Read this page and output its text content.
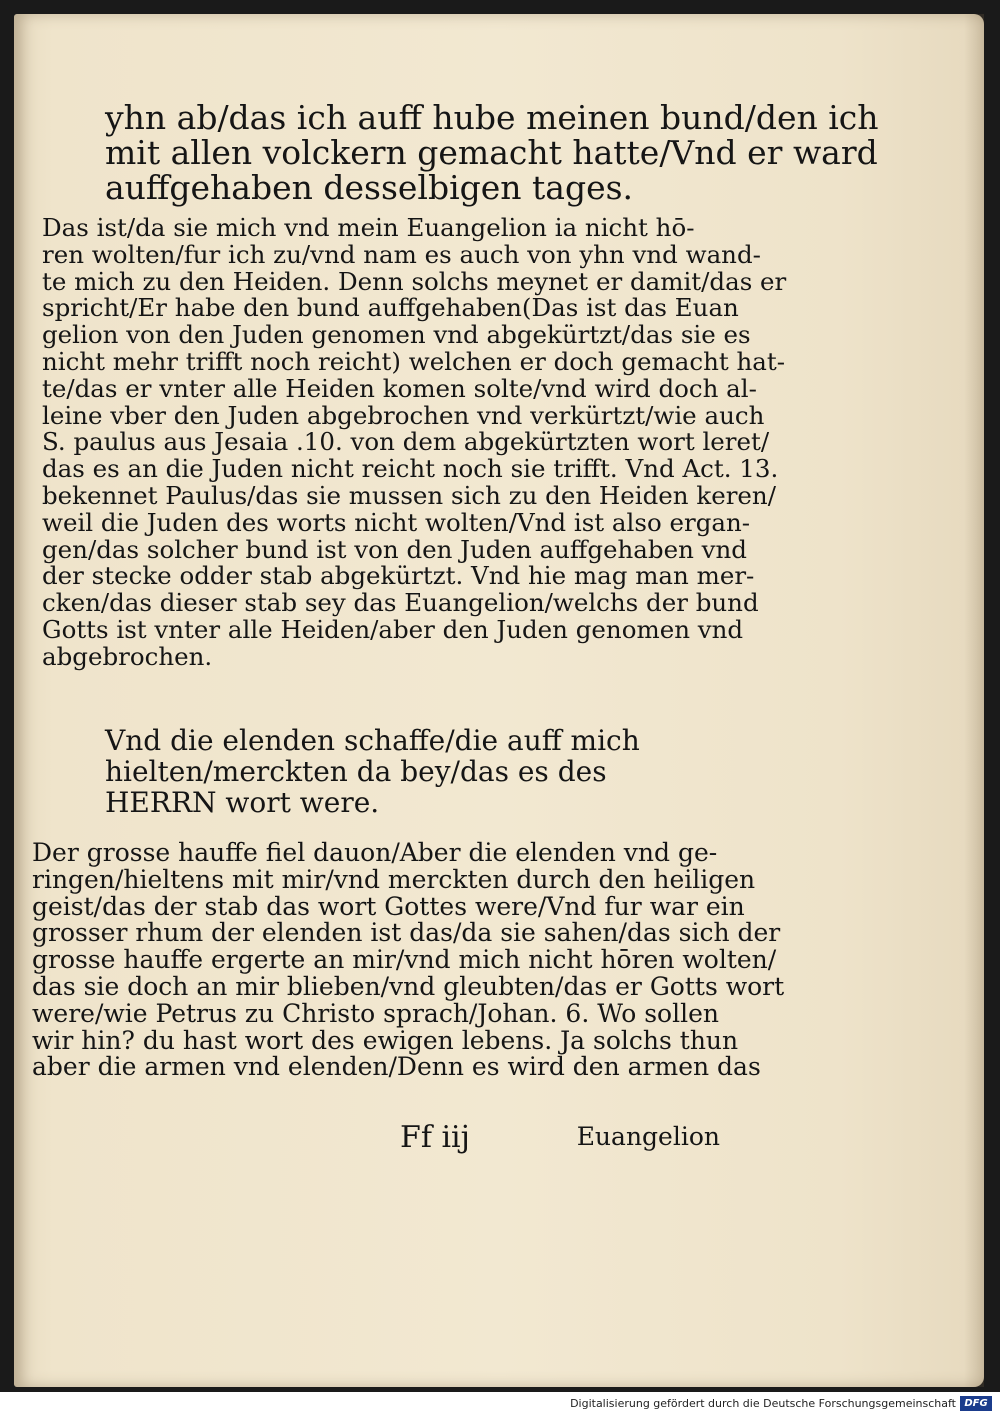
yhn ab/das ich auff hube meinen bund/den ich
mit allen volckern gemacht hatte/Vnd er ward
auffgehaben desselbigen tages.
Das ist/da sie mich vnd mein Euangelion ia nicht hō-
ren wolten/fur ich zu/vnd nam es auch von yhn vnd wand-
te mich zu den Heiden. Denn solchs meynet er damit/das er
spricht/Er habe den bund auffgehaben(Das ist das Euan
gelion von den Juden genomen vnd abgekürtzt/das sie es
nicht mehr trifft noch reicht) welchen er doch gemacht hat-
te/das er vnter alle Heiden komen solte/vnd wird doch al-
leine vber den Juden abgebrochen vnd verkürtzt/wie auch
S. paulus aus Jesaia .10. von dem abgekürtzten wort leret/
das es an die Juden nicht reicht noch sie trifft. Vnd Act. 13.
bekennet Paulus/das sie mussen sich zu den Heiden keren/
weil die Juden des worts nicht wolten/Vnd ist also ergan-
gen/das solcher bund ist von den Juden auffgehaben vnd
der stecke odder stab abgekürtzt. Vnd hie mag man mer-
cken/das dieser stab sey das Euangelion/welchs der bund
Gotts ist vnter alle Heiden/aber den Juden genomen vnd
abgebrochen.
Vnd die elenden schaffe/die auff mich
hielten/merckten da bey/das es des
HERRN wort were.
Der grosse hauffe fiel dauon/Aber die elenden vnd ge-
ringen/hieltens mit mir/vnd merckten durch den heiligen
geist/das der stab das wort Gottes were/Vnd fur war ein
grosser rhum der elenden ist das/da sie sahen/das sich der
grosse hauffe ergerte an mir/vnd mich nicht hōren wolten/
das sie doch an mir blieben/vnd gleubten/das er Gotts wort
were/wie Petrus zu Christo sprach/Johan. 6. Wo sollen
wir hin? du hast wort des ewigen lebens. Ja solchs thun
aber die armen vnd elenden/Denn es wird den armen das
Ff iij	Euangelion
Digitalisierung gefördert durch die Deutsche Forschungsgemeinschaft DFG
